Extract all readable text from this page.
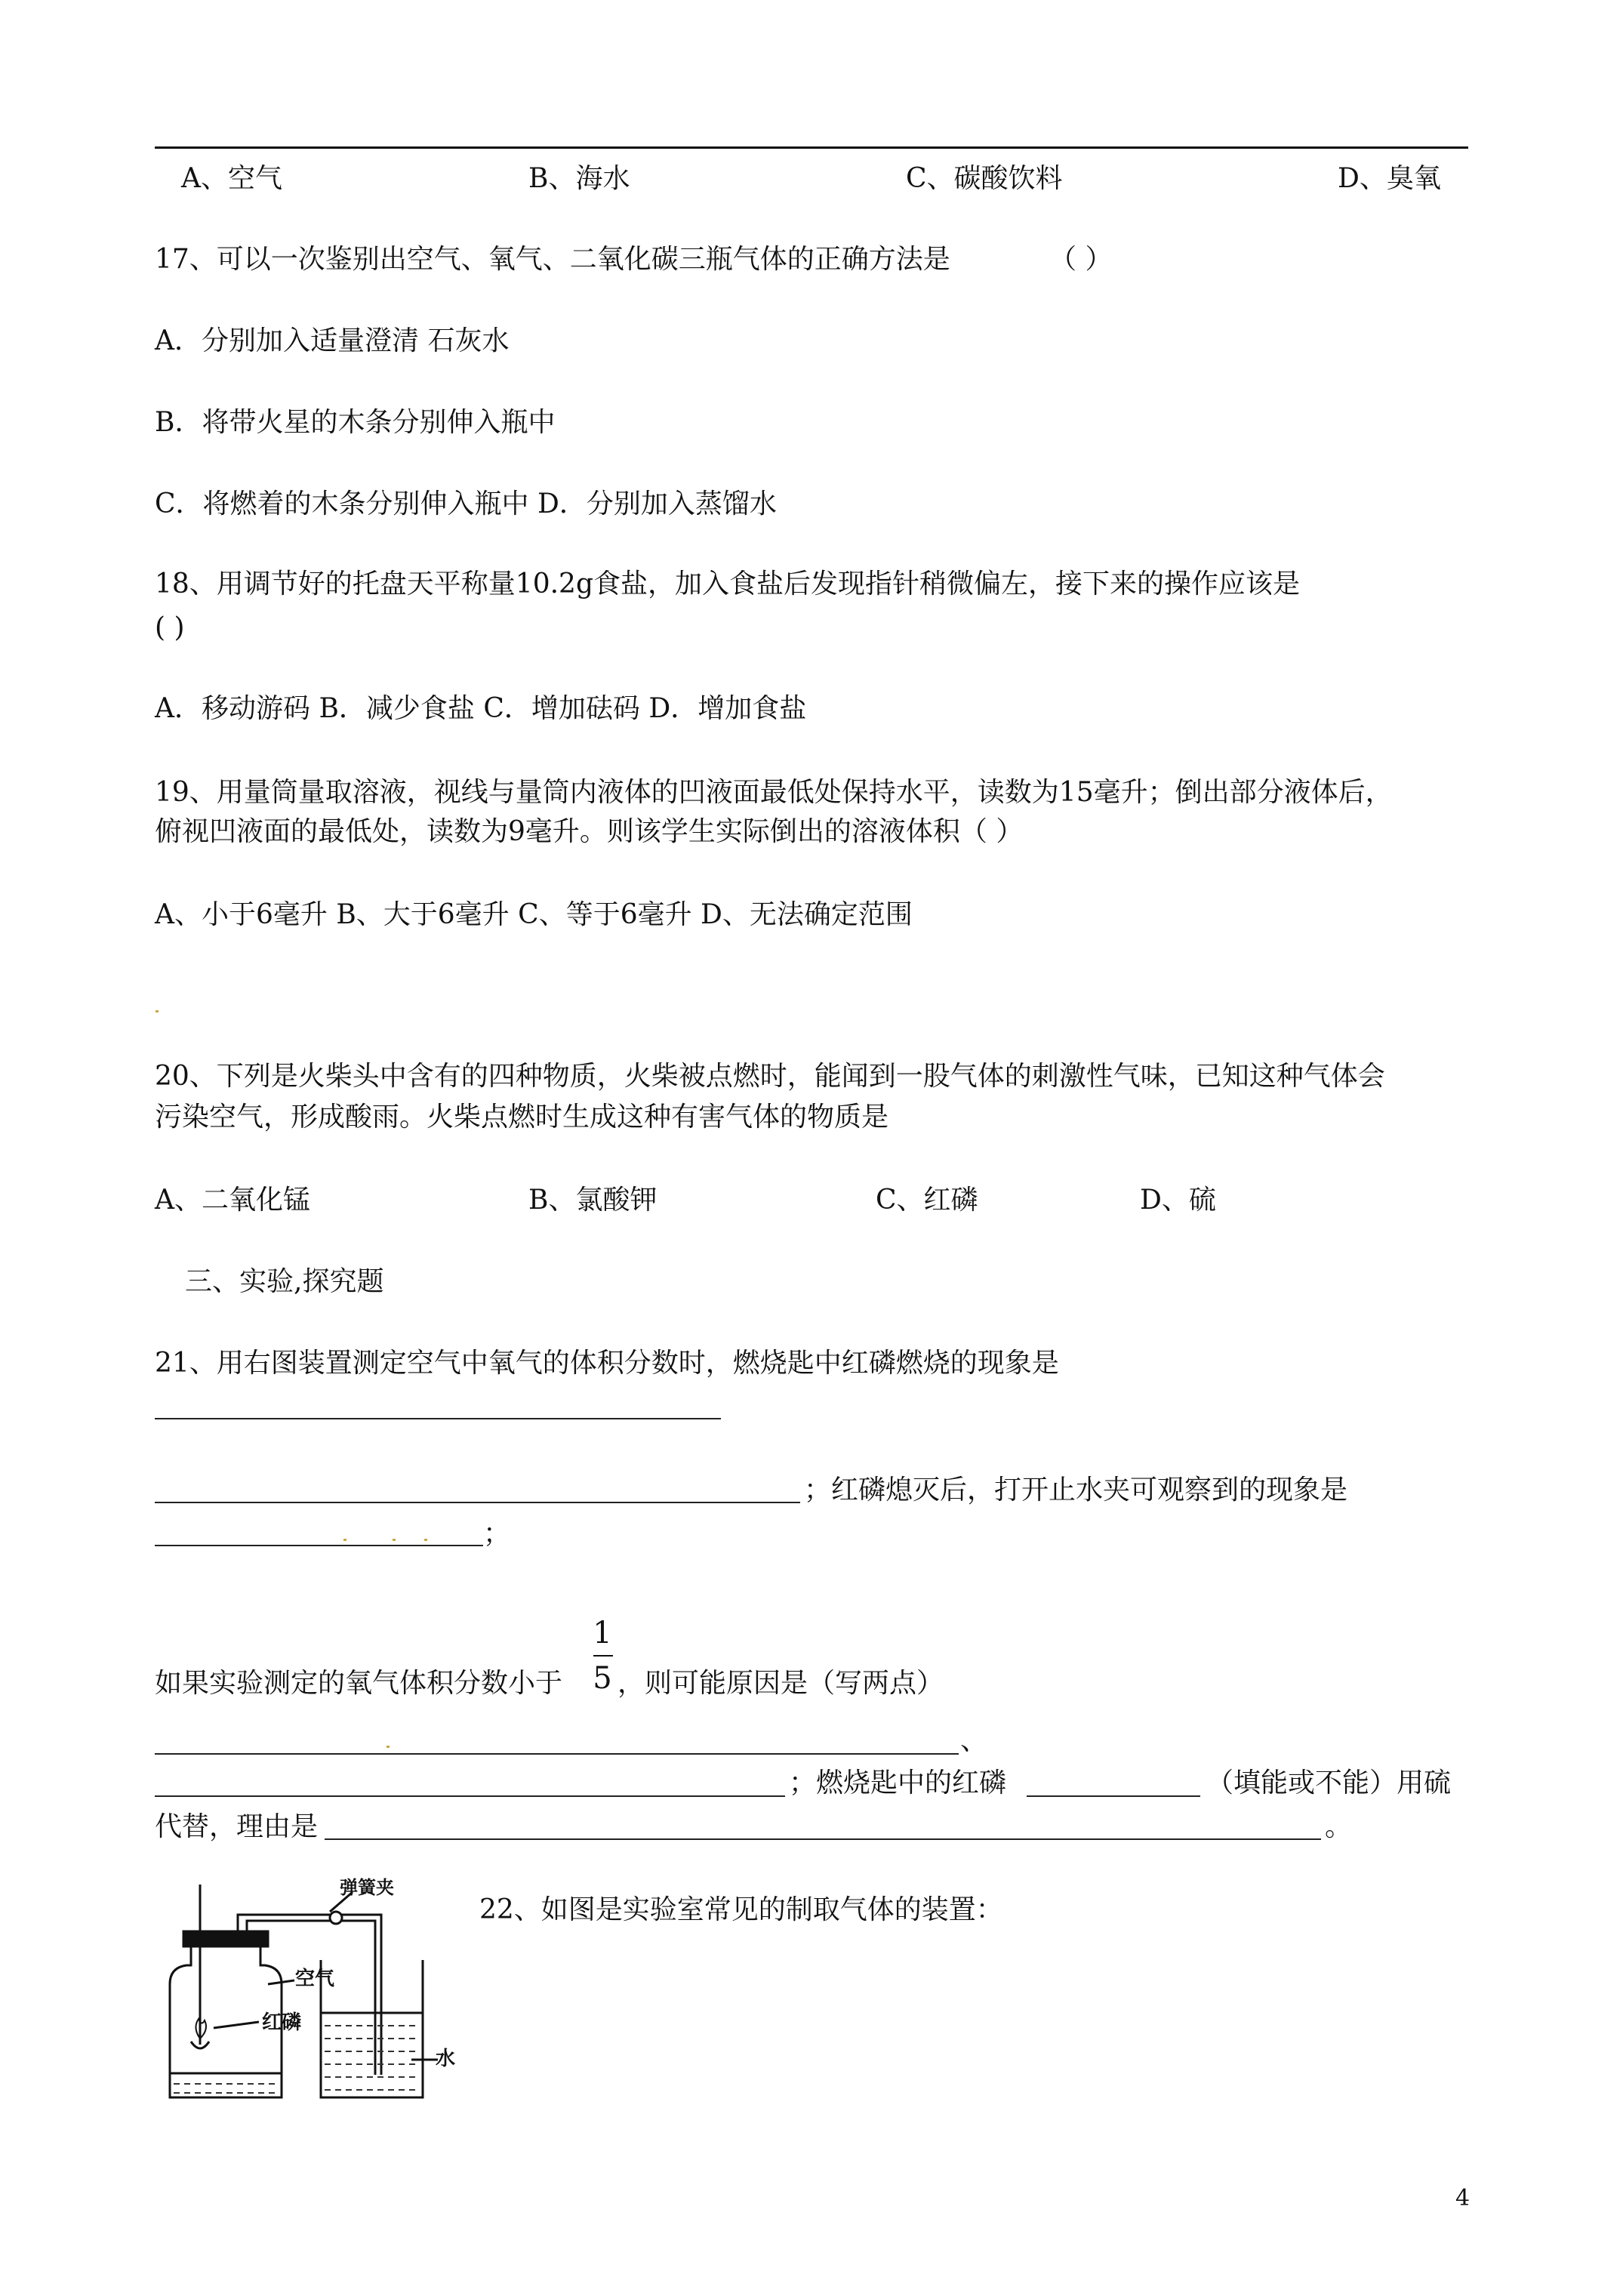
A、空气	B、海水	C、碳酸饮料	D、臭氧
17、可以一次鉴别出空气、氧气、二氧化碳三瓶气体的正确方法是	（ ）
A．分别加入适量澄清 石灰水
B．将带火星的木条分别伸入瓶中
C．将燃着的木条分别伸入瓶中 D．分别加入蒸馏水
18、用调节好的托盘天平称量10.2g食盐，加入食盐后发现指针稍微偏左，接下来的操作应该是
( )
A．移动游码 B．减少食盐 C．增加砝码 D．增加食盐
19、用量筒量取溶液，视线与量筒内液体的凹液面最低处保持水平，读数为15毫升；倒出部分液体后，
俯视凹液面的最低处，读数为9毫升。则该学生实际倒出的溶液体积（ ）
A、小于6毫升 B、大于6毫升 C、等于6毫升 D、无法确定范围
20、下列是火柴头中含有的四种物质，火柴被点燃时，能闻到一股气体的刺激性气味，已知这种气体会
污染空气，形成酸雨。火柴点燃时生成这种有害气体的物质是
A、二氧化锰	B、氯酸钾	C、红磷	D、硫
三、实验,探究题
21、用右图装置测定空气中氧气的体积分数时，燃烧匙中红磷燃烧的现象是
；红磷熄灭后，打开止水夹可观察到的现象是
；
如果实验测定的氧气体积分数小于
1
5 ，则可能原因是（写两点）
、
；燃烧匙中的红磷	（填能或不能）用硫
代替，理由是	。
22、如图是实验室常见的制取气体的装置：
弹簧夹
空气
红磷
水
4
